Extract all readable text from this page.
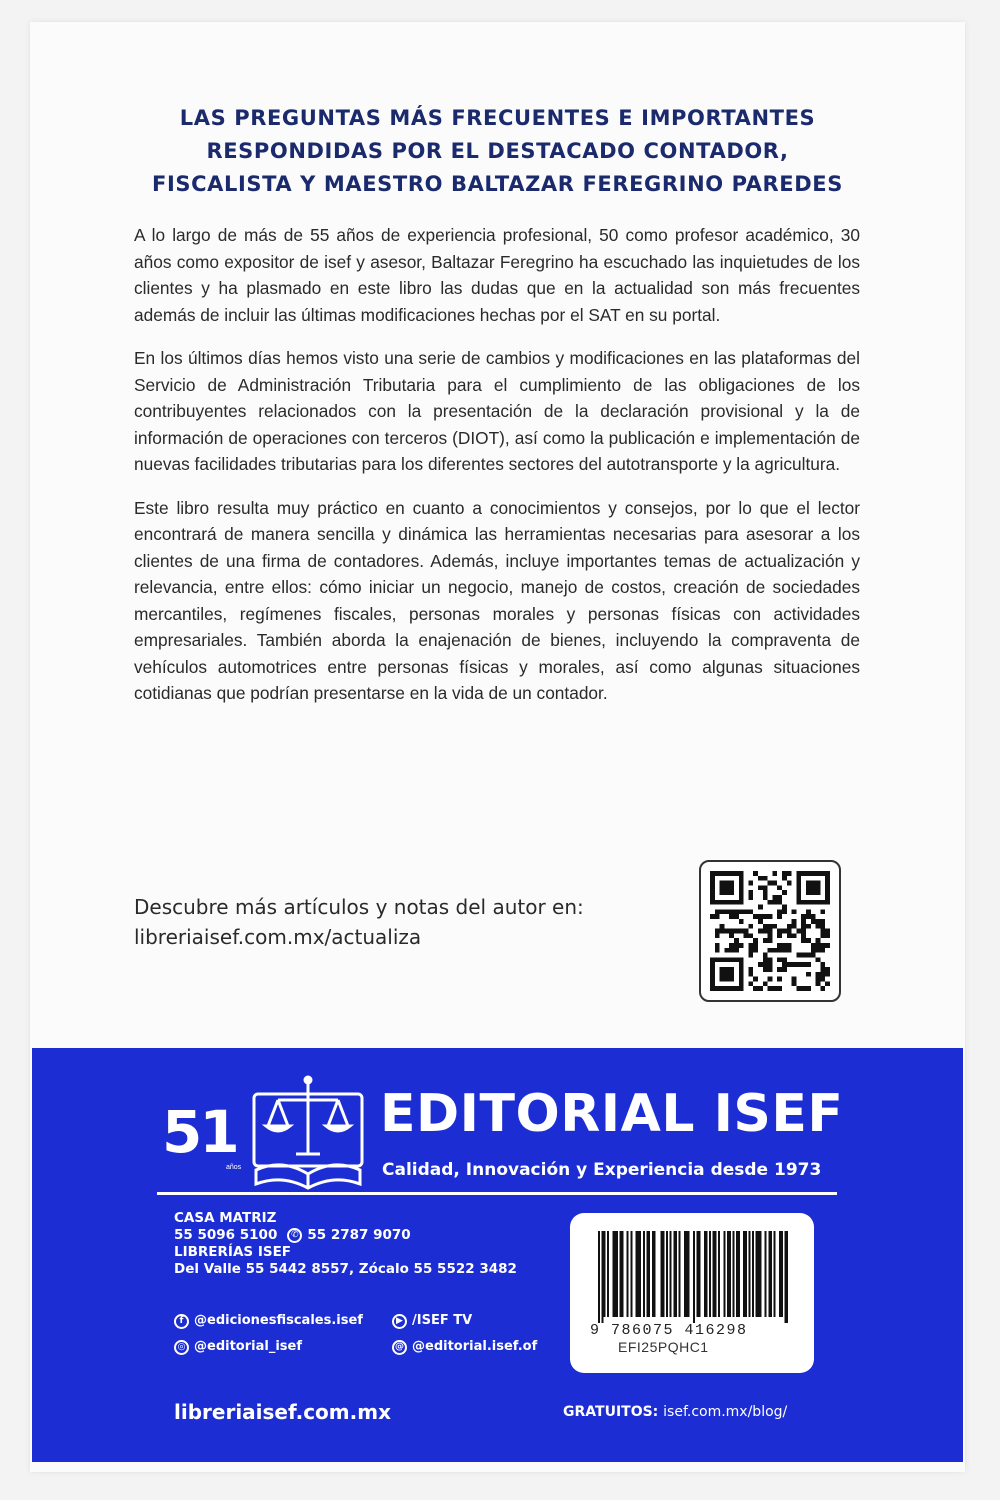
LAS PREGUNTAS MÁS FRECUENTES E IMPORTANTES
RESPONDIDAS POR EL DESTACADO CONTADOR,
FISCALISTA Y MAESTRO BALTAZAR FEREGRINO PAREDES

A lo largo de más de 55 años de experiencia profesional, 50 como profesor académico, 30 años como expositor de isef y asesor, Baltazar Feregrino ha escuchado las inquietudes de los clientes y ha plasmado en este libro las dudas que en la actualidad son más frecuentes además de incluir las últimas modificaciones hechas por el SAT en su portal.

En los últimos días hemos visto una serie de cambios y modificaciones en las plataformas del Servicio de Administración Tributaria para el cumplimiento de las obligaciones de los contribuyentes relacionados con la presentación de la declaración provisional y la de información de operaciones con terceros (DIOT), así como la publicación e implementación de nuevas facilidades tributarias para los diferentes sectores del autotransporte y la agricultura.

Este libro resulta muy práctico en cuanto a conocimientos y consejos, por lo que el lector encontrará de manera sencilla y dinámica las herramientas necesarias para asesorar a los clientes de una firma de contadores. Además, incluye importantes temas de actualización y relevancia, entre ellos: cómo iniciar un negocio, manejo de costos, creación de sociedades mercantiles, regímenes fiscales, personas morales y personas físicas con actividades empresariales. También aborda la enajenación de bienes, incluyendo la compraventa de vehículos automotrices entre personas físicas y morales, así como algunas situaciones cotidianas que podrían presentarse en la vida de un contador.

Descubre más artículos y notas del autor en:
libreriaisef.com.mx/actualiza
51
años
EDITORIAL ISEF
Calidad, Innovación y Experiencia desde 1973
CASA MATRIZ
55 5096 5100	✆ 55 2787 9070
LIBRERÍAS ISEF
Del Valle 55 5442 8557, Zócalo 55 5522 3482
f @edicionesfiscales.isef	▶ /ISEF TV
◎ @editorial_isef	@ @editorial.isef.of
libreriaisef.com.mx
9 786075 416298
EFI25PQHC1
GRATUITOS: isef.com.mx/blog/
